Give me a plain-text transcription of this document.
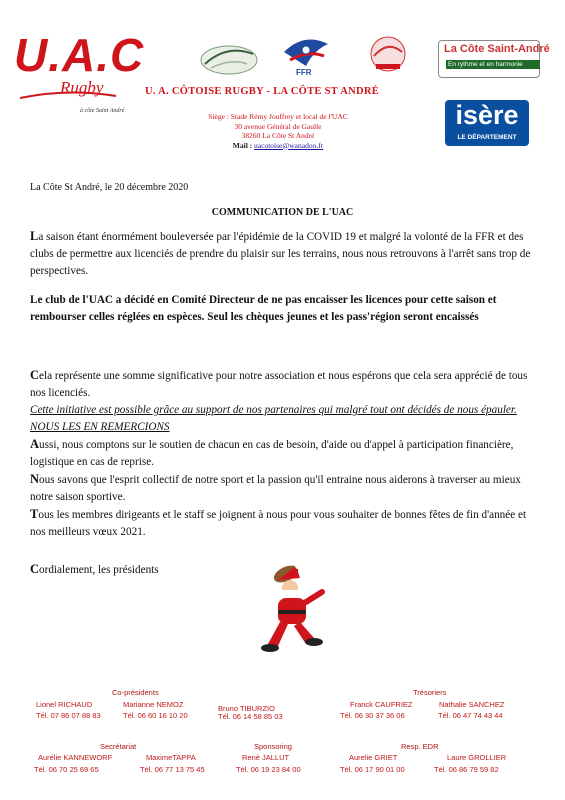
U.A.C
Rugby
à côte Saint André
FFR
La Côte Saint-André
En rythme et en harmonie
U. A. CÔTOISE RUGBY - LA CÔTE ST ANDRÉ
Siège : Stade Rémy Jouffrey et local de l'UAC
30 avenue Général de Gaulle
38260 La Côte St André
Mail : uacotoise@wanadoo.fr
isère
LE DÉPARTEMENT
La Côte St André, le 20 décembre 2020
COMMUNICATION DE L'UAC
La saison étant énormément bouleversée par l'épidémie de la COVID 19 et malgré la volonté de la FFR et des clubs de permettre aux licenciés de prendre du plaisir sur les terrains, nous nous retrouvons à l'arrêt sans trop de perspectives.
Le club de l'UAC a décidé en Comité Directeur de ne pas encaisser les licences pour cette saison et rembourser celles réglées en espèces. Seul les chèques jeunes et les pass'région seront encaissés
Cela représente une somme significative pour notre association et nous espérons que cela sera apprécié de tous nos licenciés.
Cette initiative est possible grâce au support de nos partenaires qui malgré tout ont décidés de nous épauler. NOUS LES EN REMERCIONS
Aussi, nous comptons sur le soutien de chacun en cas de besoin, d'aide ou d'appel à participation financière, logistique en cas de reprise.
Nous savons que l'esprit collectif de notre sport et la passion qu'il entraine nous aiderons à traverser au mieux notre saison sportive.
Tous les membres dirigeants et le staff se joignent à nous pour vous souhaiter de bonnes fêtes de fin d'année et nos meilleurs vœux 2021.
Cordialement, les présidents
Co-présidents	Trésoriers
Lionel RICHAUD
Tél. 07 86 07 88 83
Marianne NEMOZ
Tél. 06 60 16 10 20
Bruno TIBURZIO
Tél. 06 14 58 85 03
Franck CAUFRIEZ
Tél. 06 30 37 36 06
Nathalie SANCHEZ
Tél. 06 47 74 43 44
Secrétariat	Sponsoring	Resp. EDR
Aurélie KANNEWORF
Tél. 06 70 25 69 65
MaximeTAPPA
Tél. 06 77 13 75 45
René JALLUT
Tél. 06 19 23 84 00
Aurelie GRIET
Tél. 06 17 90 01 00
Laure GROLLIER
Tél. 06 86 79 59 82
